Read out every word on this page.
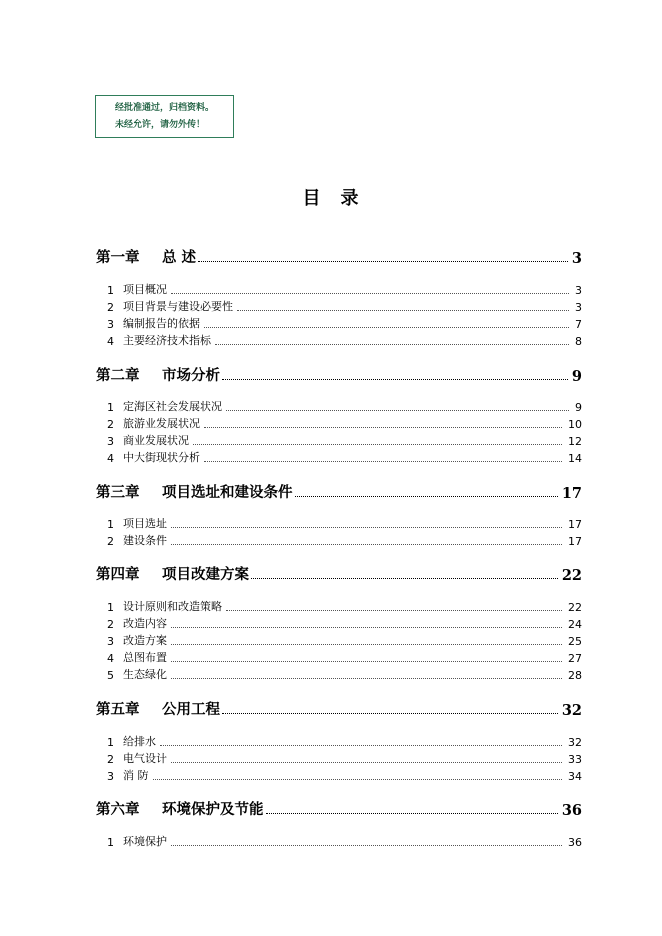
经批准通过，归档资料。
未经允许，请勿外传！
目　录
第一章	总 述	3
1 项目概况	3
2 项目背景与建设必要性	3
3 编制报告的依据	7
4 主要经济技术指标	8
第二章	市场分析	9
1 定海区社会发展状况	9
2 旅游业发展状况	10
3 商业发展状况	12
4 中大街现状分析	14
第三章	项目选址和建设条件	17
1 项目选址	17
2 建设条件	17
第四章	项目改建方案	22
1 设计原则和改造策略	22
2 改造内容	24
3 改造方案	25
4 总图布置	27
5 生态绿化	28
第五章	公用工程	32
1 给排水	32
2 电气设计	33
3 消 防	34
第六章	环境保护及节能	36
1 环境保护	36
